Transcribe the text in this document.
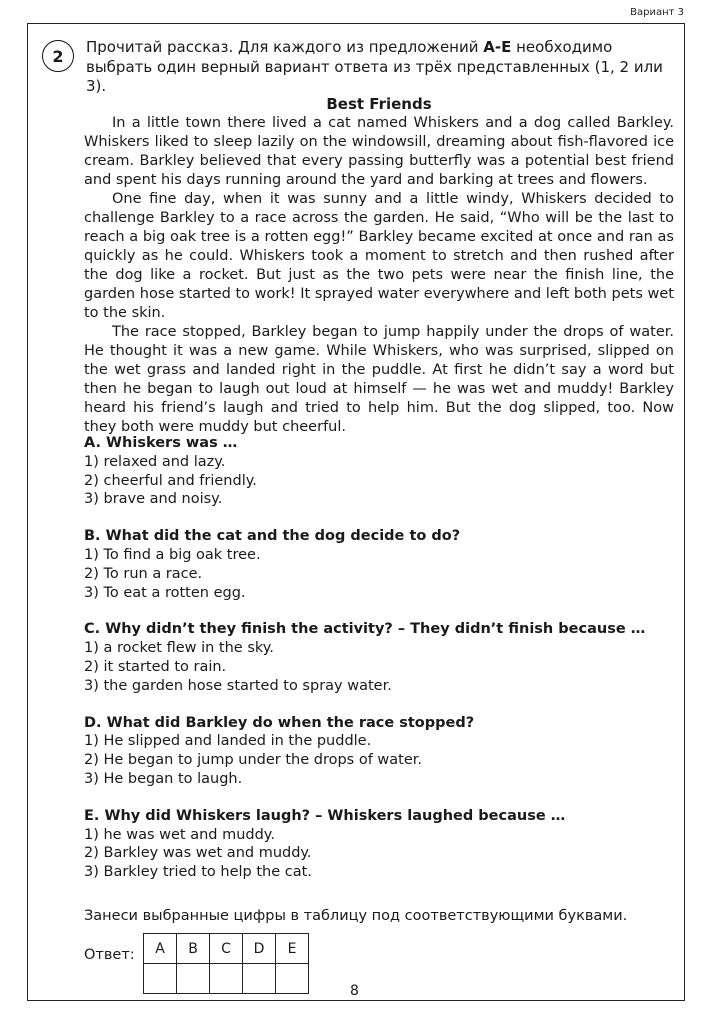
Вариант 3
2	Прочитай рассказ. Для каждого из предложений A‑E необходимо выбрать один верный вариант ответа из трёх представленных (1, 2 или 3).
Best Friends

In a little town there lived a cat named Whiskers and a dog called Barkley. Whiskers liked to sleep lazily on the windowsill, dreaming about fish-flavored ice cream. Barkley believed that every passing butterfly was a potential best friend and spent his days running around the yard and barking at trees and flowers.

One fine day, when it was sunny and a little windy, Whiskers decided to challenge Barkley to a race across the garden. He said, “Who will be the last to reach a big oak tree is a rotten egg!” Barkley became excited at once and ran as quickly as he could. Whiskers took a moment to stretch and then rushed after the dog like a rocket. But just as the two pets were near the finish line, the garden hose started to work! It sprayed water everywhere and left both pets wet to the skin.

The race stopped, Barkley began to jump happily under the drops of water. He thought it was a new game. While Whiskers, who was surprised, slipped on the wet grass and landed right in the puddle. At first he didn’t say a word but then he began to laugh out loud at himself — he was wet and muddy! Barkley heard his friend’s laugh and tried to help him. But the dog slipped, too. Now they both were muddy but cheerful.

A. Whiskers was …
1) relaxed and lazy.
2) cheerful and friendly.
3) brave and noisy.
B. What did the cat and the dog decide to do?
1) To find a big oak tree.
2) To run a race.
3) To eat a rotten egg.
C. Why didn’t they finish the activity? – They didn’t finish because …
1) a rocket flew in the sky.
2) it started to rain.
3) the garden hose started to spray water.
D. What did Barkley do when the race stopped?
1) He slipped and landed in the puddle.
2) He began to jump under the drops of water.
3) He began to laugh.
E. Why did Whiskers laugh? – Whiskers laughed because …
1) he was wet and muddy.
2) Barkley was wet and muddy.
3) Barkley tried to help the cat.
Занеси выбранные цифры в таблицу под соответствующими буквами.
Ответ: A	B	C	D	E

8
